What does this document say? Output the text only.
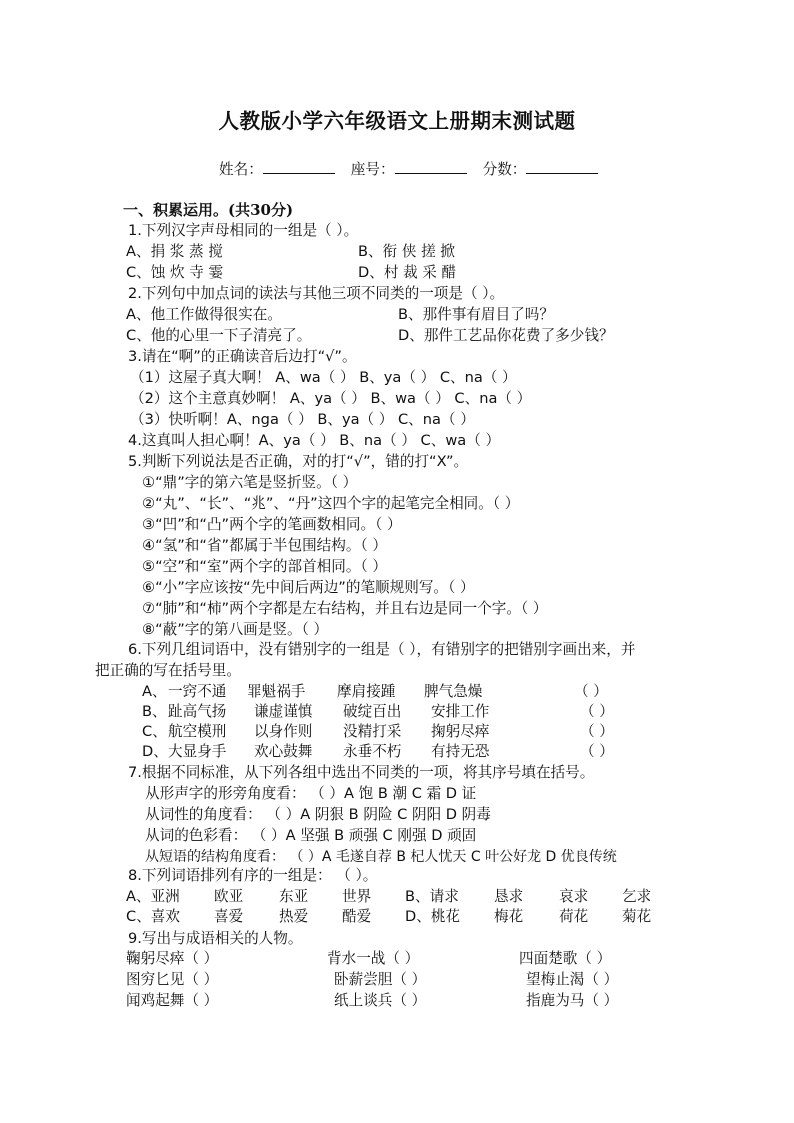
人教版小学六年级语文上册期末测试题
姓名：	座号：	分数：
一、积累运用。(共30分)
1.下列汉字声母相同的一组是（ ）。
A、捐 浆 蒸 搅	B、衔 侠 搓 掀
C、蚀 炊 寺 霎	D、村 裁 采 醋
2.下列句中加点词的读法与其他三项不同类的一项是（ ）。
A、他工作做得很实在。	B、那件事有眉目了吗？
C、他的心里一下子清亮了。	D、那件工艺品你花费了多少钱？
3.请在“啊”的正确读音后边打“√”。
（1）这屋子真大啊！ A、wa（ ） B、ya（ ） C、na（ ）
（2）这个主意真妙啊！ A、ya（ ） B、wa（ ） C、na（ ）
（3）快听啊！A、nga（ ） B、ya（ ） C、na（ ）
4.这真叫人担心啊！A、ya（ ） B、na（ ） C、wa（ ）
5.判断下列说法是否正确，对的打“√”，错的打“X”。
①“鼎”字的第六笔是竖折竖。（ ）
②“丸”、“长”、“兆”、“丹”这四个字的起笔完全相同。（ ）
③“凹”和“凸”两个字的笔画数相同。（ ）
④“氢”和“省”都属于半包围结构。（ ）
⑤“空”和“室”两个字的部首相同。（ ）
⑥“小”字应该按“先中间后两边”的笔顺规则写。（ ）
⑦“肺”和“柿”两个字都是左右结构，并且右边是同一个字。（ ）
⑧“蔽”字的第八画是竖。（ ）
6.下列几组词语中，没有错别字的一组是（ ），有错别字的把错别字画出来，并
把正确的写在括号里。
A、 一窍不通 罪魁祸手 摩肩接踵 脾气急燥	（ ）
B、 趾高气扬 谦虚谨慎 破绽百出 安排工作	（ ）
C、 航空模刑 以身作则 没精打采 掬躬尽瘁	（ ）
D、 大显身手 欢心鼓舞 永垂不朽 有持无恐	（ ）
7.根据不同标准，从下列各组中选出不同类的一项，将其序号填在括号。
从形声字的形旁角度看： （ ）A 饱 B 潮 C 霜 D 证
从词性的角度看： （ ）A 阴狠 B 阴险 C 阴阳 D 阴毒
从词的色彩看： （ ）A 坚强 B 顽强 C 刚强 D 顽固
从短语的结构角度看： （ ）A 毛遂自荐 B 杞人忧天 C 叶公好龙 D 优良传统
8.下列词语排列有序的一组是： （ ）。
A、亚洲 欧亚 东亚 世界 B、请求 恳求 哀求 乞求
C、喜欢 喜爱 热爱 酷爱 D、桃花 梅花 荷花 菊花
9.写出与成语相关的人物。
鞠躬尽瘁（ ）	背水一战（ ）	四面楚歌（ ）
图穷匕见（ ）	卧薪尝胆（ ）	望梅止渴（ ）
闻鸡起舞（ ）	纸上谈兵（ ）	指鹿为马（ ）
